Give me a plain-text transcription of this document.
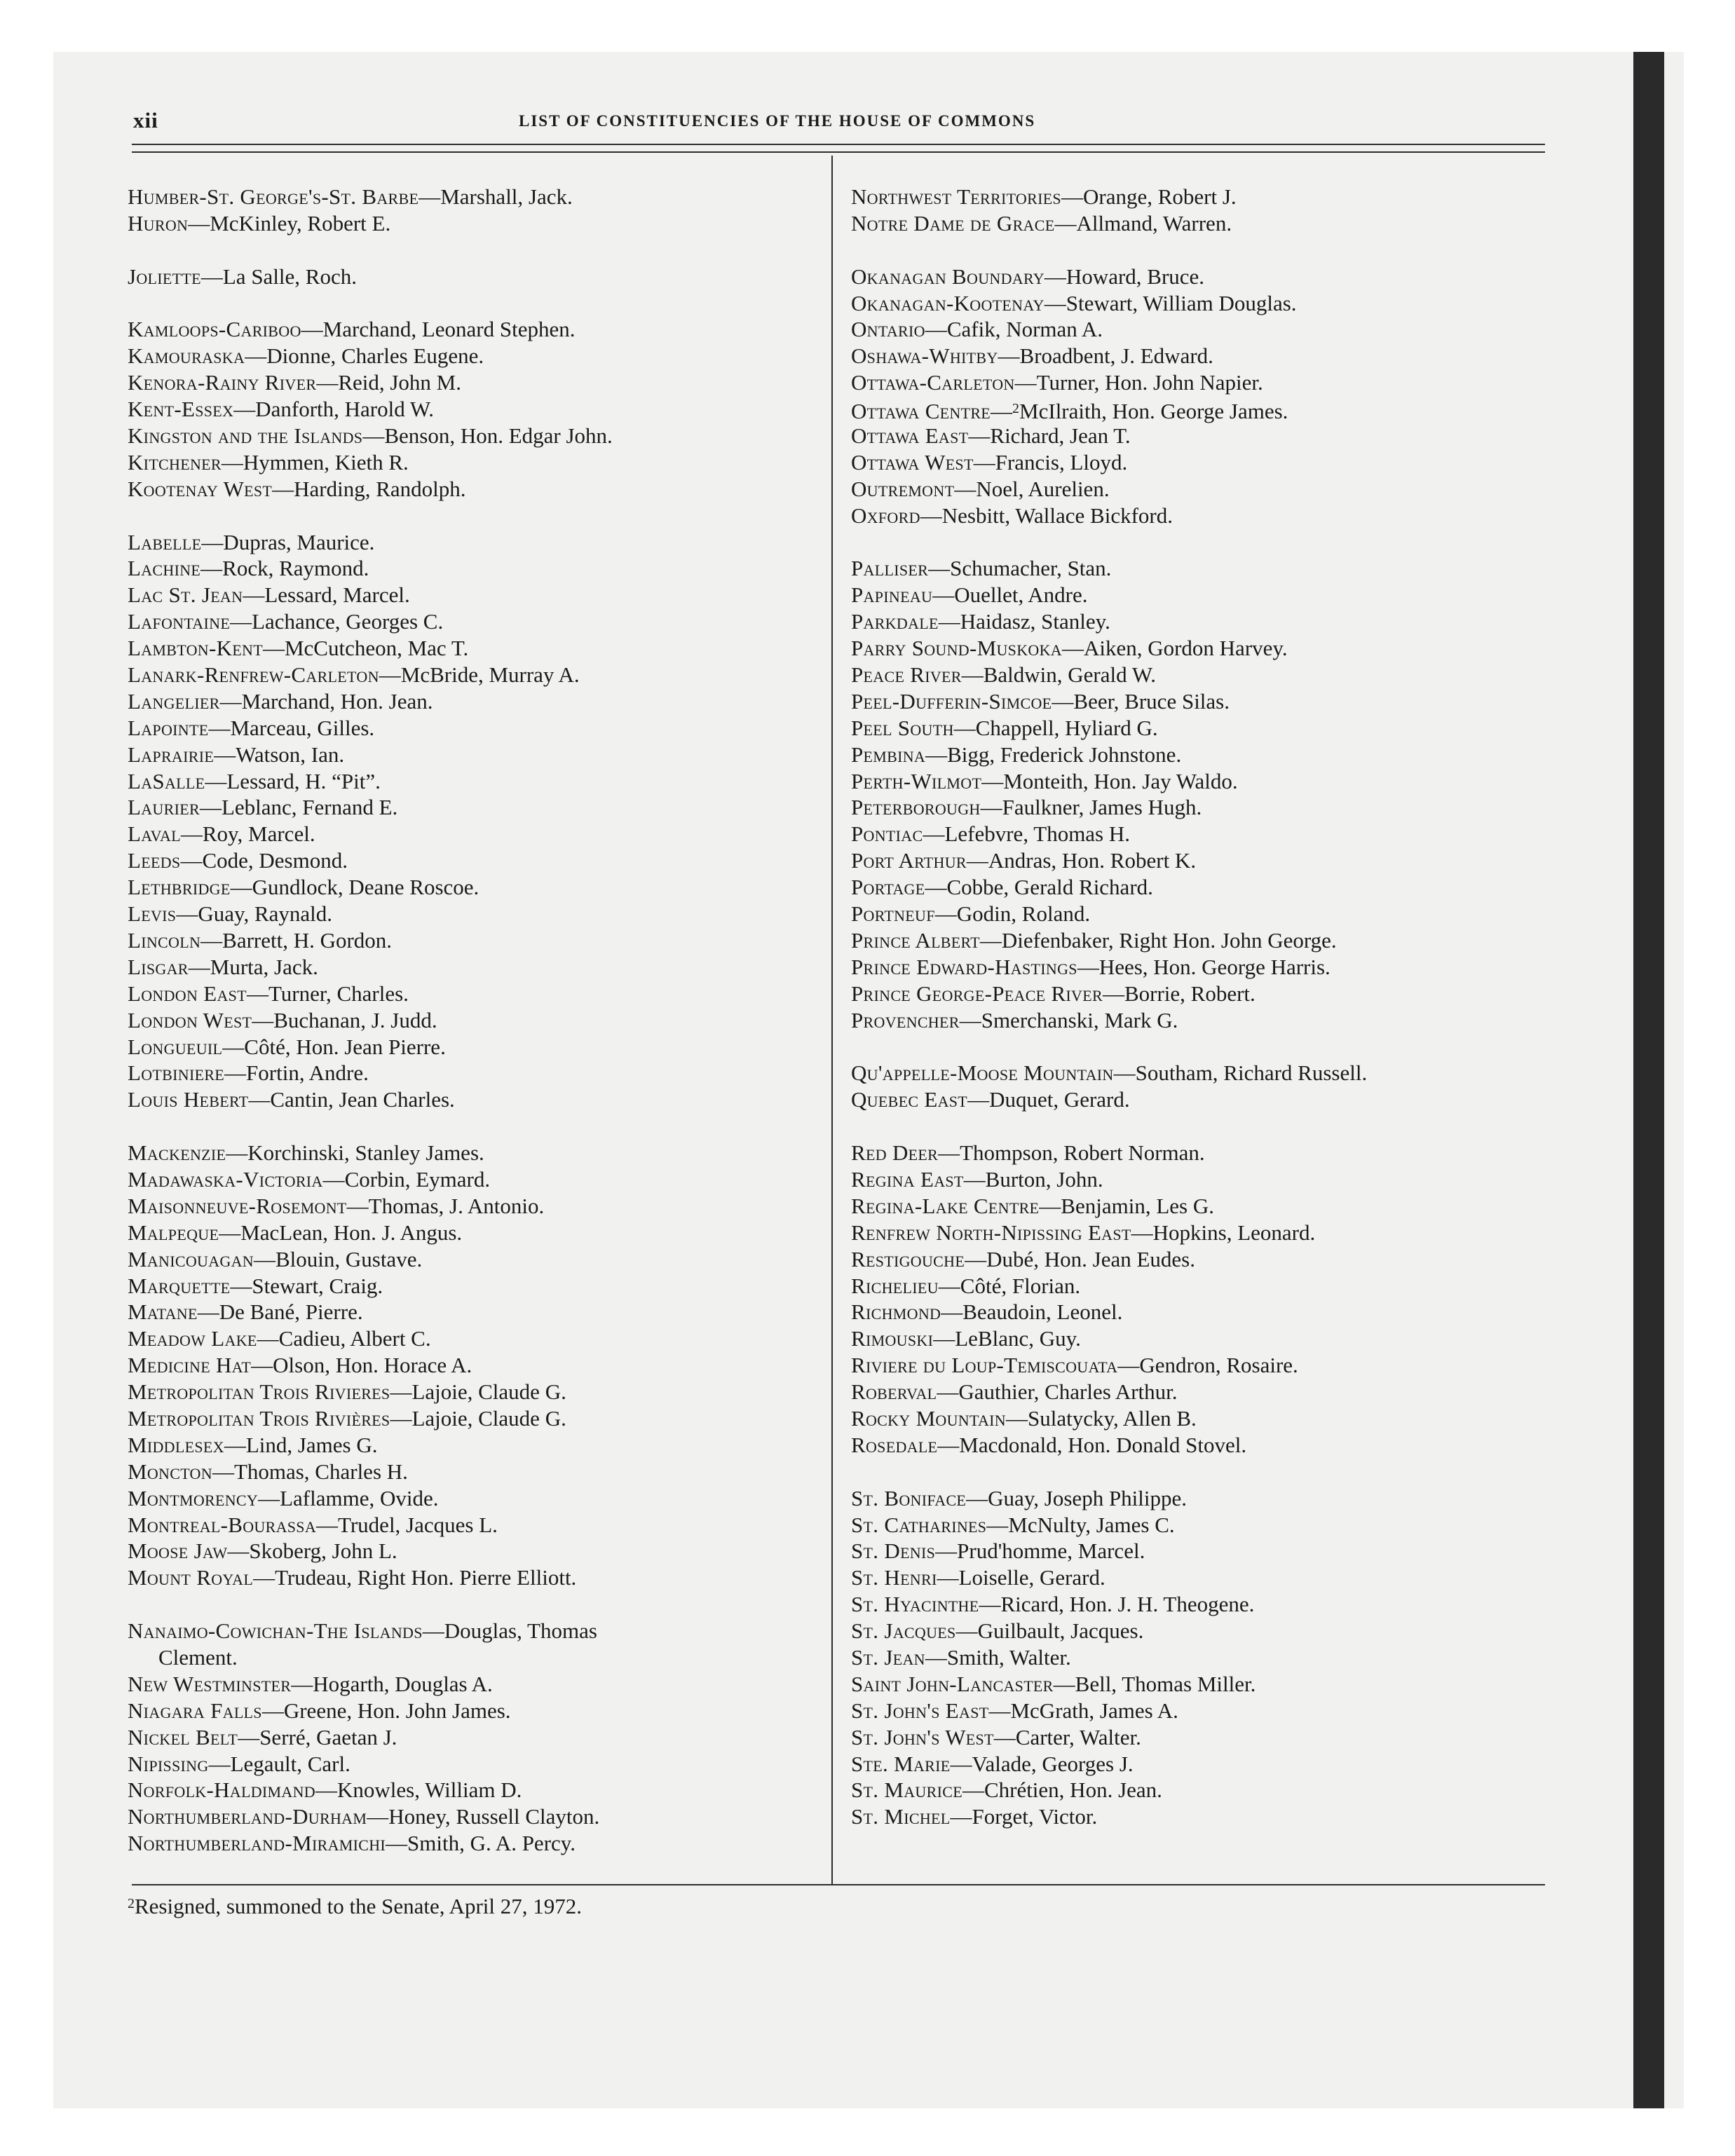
xii	LIST OF CONSTITUENCIES OF THE HOUSE OF COMMONS
Humber-St. George's-St. Barbe—Marshall, Jack.
Huron—McKinley, Robert E.
Joliette—La Salle, Roch.
Kamloops-Cariboo—Marchand, Leonard Stephen.
Kamouraska—Dionne, Charles Eugene.
Kenora-Rainy River—Reid, John M.
Kent-Essex—Danforth, Harold W.
Kingston and the Islands—Benson, Hon. Edgar John.
Kitchener—Hymmen, Kieth R.
Kootenay West—Harding, Randolph.
Labelle—Dupras, Maurice.
Lachine—Rock, Raymond.
Lac St. Jean—Lessard, Marcel.
Lafontaine—Lachance, Georges C.
Lambton-Kent—McCutcheon, Mac T.
Lanark-Renfrew-Carleton—McBride, Murray A.
Langelier—Marchand, Hon. Jean.
Lapointe—Marceau, Gilles.
Laprairie—Watson, Ian.
LaSalle—Lessard, H. “Pit”.
Laurier—Leblanc, Fernand E.
Laval—Roy, Marcel.
Leeds—Code, Desmond.
Lethbridge—Gundlock, Deane Roscoe.
Levis—Guay, Raynald.
Lincoln—Barrett, H. Gordon.
Lisgar—Murta, Jack.
London East—Turner, Charles.
London West—Buchanan, J. Judd.
Longueuil—Côté, Hon. Jean Pierre.
Lotbiniere—Fortin, Andre.
Louis Hebert—Cantin, Jean Charles.
Mackenzie—Korchinski, Stanley James.
Madawaska-Victoria—Corbin, Eymard.
Maisonneuve-Rosemont—Thomas, J. Antonio.
Malpeque—MacLean, Hon. J. Angus.
Manicouagan—Blouin, Gustave.
Marquette—Stewart, Craig.
Matane—De Bané, Pierre.
Meadow Lake—Cadieu, Albert C.
Medicine Hat—Olson, Hon. Horace A.
Metropolitan Trois Rivieres—Lajoie, Claude G.
Metropolitan Trois Rivières—Lajoie, Claude G.
Middlesex—Lind, James G.
Moncton—Thomas, Charles H.
Montmorency—Laflamme, Ovide.
Montreal-Bourassa—Trudel, Jacques L.
Moose Jaw—Skoberg, John L.
Mount Royal—Trudeau, Right Hon. Pierre Elliott.
Nanaimo-Cowichan-The Islands—Douglas, Thomas
Clement.
New Westminster—Hogarth, Douglas A.
Niagara Falls—Greene, Hon. John James.
Nickel Belt—Serré, Gaetan J.
Nipissing—Legault, Carl.
Norfolk-Haldimand—Knowles, William D.
Northumberland-Durham—Honey, Russell Clayton.
Northumberland-Miramichi—Smith, G. A. Percy.
Northwest Territories—Orange, Robert J.
Notre Dame de Grace—Allmand, Warren.
Okanagan Boundary—Howard, Bruce.
Okanagan-Kootenay—Stewart, William Douglas.
Ontario—Cafik, Norman A.
Oshawa-Whitby—Broadbent, J. Edward.
Ottawa-Carleton—Turner, Hon. John Napier.
Ottawa Centre—$^2$McIlraith, Hon. George James.
Ottawa East—Richard, Jean T.
Ottawa West—Francis, Lloyd.
Outremont—Noel, Aurelien.
Oxford—Nesbitt, Wallace Bickford.
Palliser—Schumacher, Stan.
Papineau—Ouellet, Andre.
Parkdale—Haidasz, Stanley.
Parry Sound-Muskoka—Aiken, Gordon Harvey.
Peace River—Baldwin, Gerald W.
Peel-Dufferin-Simcoe—Beer, Bruce Silas.
Peel South—Chappell, Hyliard G.
Pembina—Bigg, Frederick Johnstone.
Perth-Wilmot—Monteith, Hon. Jay Waldo.
Peterborough—Faulkner, James Hugh.
Pontiac—Lefebvre, Thomas H.
Port Arthur—Andras, Hon. Robert K.
Portage—Cobbe, Gerald Richard.
Portneuf—Godin, Roland.
Prince Albert—Diefenbaker, Right Hon. John George.
Prince Edward-Hastings—Hees, Hon. George Harris.
Prince George-Peace River—Borrie, Robert.
Provencher—Smerchanski, Mark G.
Qu'appelle-Moose Mountain—Southam, Richard Russell.
Quebec East—Duquet, Gerard.
Red Deer—Thompson, Robert Norman.
Regina East—Burton, John.
Regina-Lake Centre—Benjamin, Les G.
Renfrew North-Nipissing East—Hopkins, Leonard.
Restigouche—Dubé, Hon. Jean Eudes.
Richelieu—Côté, Florian.
Richmond—Beaudoin, Leonel.
Rimouski—LeBlanc, Guy.
Riviere du Loup-Temiscouata—Gendron, Rosaire.
Roberval—Gauthier, Charles Arthur.
Rocky Mountain—Sulatycky, Allen B.
Rosedale—Macdonald, Hon. Donald Stovel.
St. Boniface—Guay, Joseph Philippe.
St. Catharines—McNulty, James C.
St. Denis—Prud'homme, Marcel.
St. Henri—Loiselle, Gerard.
St. Hyacinthe—Ricard, Hon. J. H. Theogene.
St. Jacques—Guilbault, Jacques.
St. Jean—Smith, Walter.
Saint John-Lancaster—Bell, Thomas Miller.
St. John's East—McGrath, James A.
St. John's West—Carter, Walter.
Ste. Marie—Valade, Georges J.
St. Maurice—Chrétien, Hon. Jean.
St. Michel—Forget, Victor.
$^2$Resigned, summoned to the Senate, April 27, 1972.
